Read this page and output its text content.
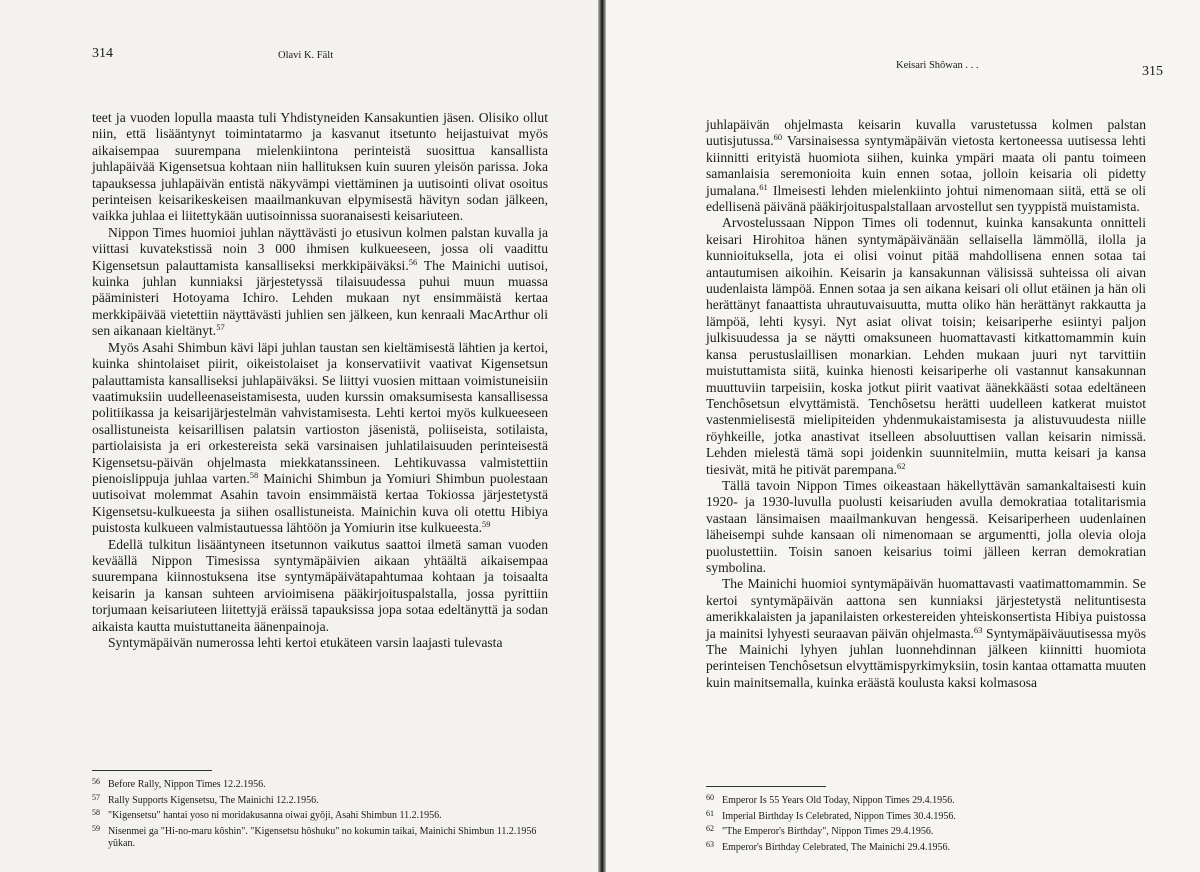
314	Olavi K. Fält

teet ja vuoden lopulla maasta tuli Yhdistyneiden Kansakuntien jäsen. Olisiko ollut niin, että lisääntynyt toimintatarmo ja kasvanut itsetunto heijastuivat myös aikaisempaa suurempana mielenkiintona perinteistä suosittua kansallista juhlapäivää Kigensetsua kohtaan niin hallituksen kuin suuren yleisön parissa. Joka tapauksessa juhlapäivän entistä näkyvämpi viettäminen ja uutisointi olivat osoitus perinteisen keisarikeskeisen maailmankuvan elpymisestä hävityn sodan jälkeen, vaikka juhlaa ei liitettykään uutisoinnissa suoranaisesti keisariuteen.

Nippon Times huomioi juhlan näyttävästi jo etusivun kolmen palstan kuvalla ja viittasi kuvatekstissä noin 3 000 ihmisen kulkueeseen, jossa oli vaadittu Kigensetsun palauttamista kansalliseksi merkkipäiväksi.$^{56}$ The Mainichi uutisoi, kuinka juhlan kunniaksi järjestetyssä tilaisuudessa puhui muun muassa pääministeri Hotoyama Ichiro. Lehden mukaan nyt ensimmäistä kertaa merkkipäivää vietettiin näyttävästi juhlien sen jälkeen, kun kenraali MacArthur oli sen aikanaan kieltänyt.$^{57}$

Myös Asahi Shimbun kävi läpi juhlan taustan sen kieltämisestä lähtien ja kertoi, kuinka shintolaiset piirit, oikeistolaiset ja konservatiivit vaativat Kigensetsun palauttamista kansalliseksi juhlapäiväksi. Se liittyi vuosien mittaan voimistuneisiin vaatimuksiin uudelleenaseistamisesta, uuden kurssin omaksumisesta kansallisessa politiikassa ja keisarijärjestelmän vahvistamisesta. Lehti kertoi myös kulkueeseen osallistuneista keisarillisen palatsin vartioston jäsenistä, poliiseista, sotilaista, partiolaisista ja eri orkestereista sekä varsinaisen juhlatilaisuuden perinteisestä Kigensetsu-päivän ohjelmasta miekkatanssineen. Lehtikuvassa valmistettiin pienoislippuja juhlaa varten.$^{58}$ Mainichi Shimbun ja Yomiuri Shimbun puolestaan uutisoivat molemmat Asahin tavoin ensimmäistä kertaa Tokiossa järjestetystä Kigensetsu-kulkueesta ja siihen osallistuneista. Mainichin kuva oli otettu Hibiya puistosta kulkueen valmistautuessa lähtöön ja Yomiurin itse kulkueesta.$^{59}$

Edellä tulkitun lisääntyneen itsetunnon vaikutus saattoi ilmetä saman vuoden keväällä Nippon Timesissa syntymäpäivien aikaan yhtäältä aikaisempaa suurempana kiinnostuksena itse syntymäpäivätapahtumaa kohtaan ja toisaalta keisarin ja kansan suhteen arvioimisena pääkirjoituspalstalla, jossa pyrittiin torjumaan keisariuteen liitettyjä eräissä tapauksissa jopa sotaa edeltänyttä ja sodan aikaista kautta muistuttaneita äänenpainoja.

Syntymäpäivän numerossa lehti kertoi etukäteen varsin laajasti tulevasta

56 Before Rally, Nippon Times 12.2.1956.

57 Rally Supports Kigensetsu, The Mainichi 12.2.1956.

58 "Kigensetsu" hantai yoso ni moridakusanna oiwai gyōji, Asahi Shimbun 11.2.1956.

59 Nisenmei ga "Hi-no-maru kôshin". "Kigensetsu hôshuku" no kokumin taikai, Mainichi Shimbun 11.2.1956 yûkan.

Keisari Shôwan . . .	315

juhlapäivän ohjelmasta keisarin kuvalla varustetussa kolmen palstan uutisjutussa.$^{60}$ Varsinaisessa syntymäpäivän vietosta kertoneessa uutisessa lehti kiinnitti erityistä huomiota siihen, kuinka ympäri maata oli pantu toimeen samanlaisia seremonioita kuin ennen sotaa, jolloin keisaria oli pidetty jumalana.$^{61}$ Ilmeisesti lehden mielenkiinto johtui nimenomaan siitä, että se oli edellisenä päivänä pääkirjoituspalstallaan arvostellut sen tyyppistä muistamista.

Arvostelussaan Nippon Times oli todennut, kuinka kansakunta onnitteli keisari Hirohitoa hänen syntymäpäivänään sellaisella lämmöllä, ilolla ja kunnioituksella, jota ei olisi voinut pitää mahdollisena ennen sotaa tai antautumisen aikoihin. Keisarin ja kansakunnan välisissä suhteissa oli aivan uudenlaista lämpöä. Ennen sotaa ja sen aikana keisari oli ollut etäinen ja hän oli herättänyt fanaattista uhrautuvaisuutta, mutta oliko hän herättänyt rakkautta ja lämpöä, lehti kysyi. Nyt asiat olivat toisin; keisariperhe esiintyi paljon julkisuudessa ja se näytti omaksuneen huomattavasti kitkattomammin kuin kansa perustuslaillisen monarkian. Lehden mukaan juuri nyt tarvittiin muistuttamista siitä, kuinka hienosti keisariperhe oli vastannut kansakunnan muuttuviin tarpeisiin, koska jotkut piirit vaativat äänekkäästi sotaa edeltäneen Tenchôsetsun elvyttämistä. Tenchôsetsu herätti uudelleen katkerat muistot vastenmielisestä mielipiteiden yhdenmukaistamisesta ja alistuvuudesta niille röyhkeille, jotka anastivat itselleen absoluuttisen vallan keisarin nimissä. Lehden mielestä tämä sopi joidenkin suunnitelmiin, mutta keisari ja kansa tiesivät, mitä he pitivät parempana.$^{62}$

Tällä tavoin Nippon Times oikeastaan häkellyttävän samankaltaisesti kuin 1920- ja 1930-luvulla puolusti keisariuden avulla demokratiaa totalitarismia vastaan länsimaisen maailmankuvan hengessä. Keisariperheen uudenlainen läheisempi suhde kansaan oli nimenomaan se argumentti, jolla olevia oloja puolustettiin. Toisin sanoen keisarius toimi jälleen kerran demokratian symbolina.

The Mainichi huomioi syntymäpäivän huomattavasti vaatimattomammin. Se kertoi syntymäpäivän aattona sen kunniaksi järjestetystä nelituntisesta amerikkalaisten ja japanilaisten orkestereiden yhteiskonsertista Hibiya puistossa ja mainitsi lyhyesti seuraavan päivän ohjelmasta.$^{63}$ Syntymäpäiväuutisessa myös The Mainichi lyhyen juhlan luonnehdinnan jälkeen kiinnitti huomiota perinteisen Tenchôsetsun elvyttämispyrkimyksiin, tosin kantaa ottamatta muuten kuin mainitsemalla, kuinka eräästä koulusta kaksi kolmasosa

60 Emperor Is 55 Years Old Today, Nippon Times 29.4.1956.

61 Imperial Birthday Is Celebrated, Nippon Times 30.4.1956.

62 "The Emperor's Birthday", Nippon Times 29.4.1956.

63 Emperor's Birthday Celebrated, The Mainichi 29.4.1956.
